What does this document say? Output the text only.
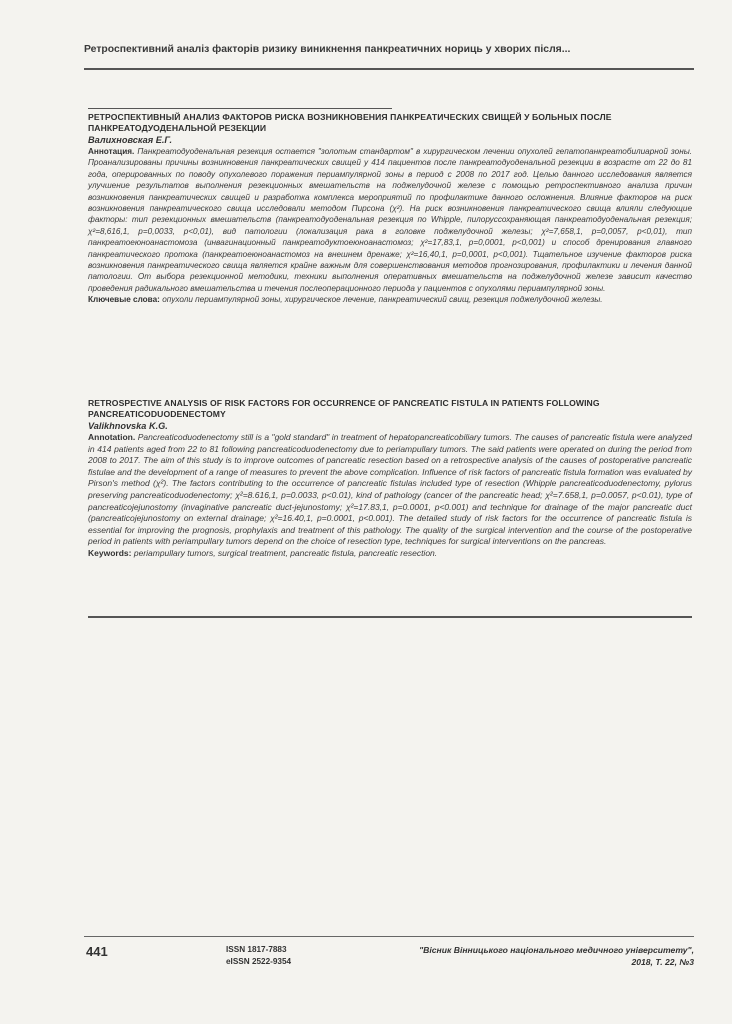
Ретроспективний аналіз факторів ризику виникнення панкреатичних нориць у хворих після...
РЕТРОСПЕКТИВНЫЙ АНАЛИЗ ФАКТОРОВ РИСКА ВОЗНИКНОВЕНИЯ ПАНКРЕАТИЧЕСКИХ СВИЩЕЙ У БОЛЬНЫХ ПОСЛЕ ПАНКРЕАТОДУОДЕНАЛЬНОЙ РЕЗЕКЦИИ
Валихновская Е.Г.
Аннотация. Панкреатодуоденальная резекция остается "золотым стандартом" в хирургическом лечении опухолей гепатопанкреатобилиарной зоны. Проанализированы причины возникновения панкреатических свищей у 414 пациентов после панкреатодуоденальной резекции в возрасте от 22 до 81 года, оперированных по поводу опухолевого поражения периампулярной зоны в период с 2008 по 2017 год. Целью данного исследования является улучшение результатов выполнения резекционных вмешательств на поджелудочной железе с помощью ретроспективного анализа причин возникновения панкреатических свищей и разработка комплекса мероприятий по профилактике данного осложнения. Влияние факторов на риск возникновения панкреатического свища исследовали методом Пирсона (χ²). На риск возникновения панкреатического свища влияли следующие факторы: тип резекционных вмешательств (панкреатодуоденальная резекция по Whipple, пилоруссохраняющая панкреатодуоденальная резекция; χ²=8,616,1, p=0,0033, p<0,01), вид патологии (локализация рака в головке поджелудочной железы; χ²=7,658,1, p=0,0057, p<0,01), тип панкреатоеюноанастомоза (инвагинационный панкреатодуктоеюноанастомоз; χ²=17,83,1, p=0,0001, p<0,001) и способ дренирования главного панкреатического протока (панкреатоеюноанастомоз на внешнем дренаже; χ²=16,40,1, p=0,0001, p<0,001). Тщательное изучение факторов риска возникновения панкреатического свища является крайне важным для совершенствования методов прогнозирования, профилактики и лечения данной патологии. От выбора резекционной методики, техники выполнения оперативных вмешательств на поджелудочной железе зависит качество проведения радикального вмешательства и течения послеоперационного периода у пациентов с опухолями периампулярной зоны.
Ключевые слова: опухоли периампулярной зоны, хирургическое лечение, панкреатический свищ, резекция поджелудочной железы.
RETROSPECTIVE ANALYSIS OF RISK FACTORS FOR OCCURRENCE OF PANCREATIC FISTULA IN PATIENTS FOLLOWING PANCREATICODUODENECTOMY
Valikhnovska K.G.
Annotation. Pancreaticoduodenectomy still is a "gold standard" in treatment of hepatopancreaticobiliary tumors. The causes of pancreatic fistula were analyzed in 414 patients aged from 22 to 81 following pancreaticoduodenectomy due to periampullary tumors. The said patients were operated on during the period from 2008 to 2017. The aim of this study is to improve outcomes of pancreatic resection based on a retrospective analysis of the causes of postoperative pancreatic fistulae and the development of a range of measures to prevent the above complication. Influence of risk factors of pancreatic fistula formation was evaluated by Pirson's method (χ²). The factors contributing to the occurrence of pancreatic fistulas included type of resection (Whipple pancreaticoduodenectomy, pylorus preserving pancreaticoduodenectomy; χ²=8.616,1, p=0.0033, p<0.01), kind of pathology (cancer of the pancreatic head; χ²=7.658,1, p=0.0057, p<0.01), type of pancreaticojejunostomy (invaginative pancreatic duct-jejunostomy; χ²=17.83,1, p=0.0001, p<0.001) and technique for drainage of the major pancreatic duct (pancreaticojejunostomy on external drainage; χ²=16.40,1, p=0.0001, p<0.001). The detailed study of risk factors for the occurrence of pancreatic fistula is essential for improving the prognosis, prophylaxis and treatment of this pathology. The quality of the surgical intervention and the course of the postoperative period in patients with periampullary tumors depend on the choice of resection type, techniques for surgical interventions on the pancreas.
Keywords: periampullary tumors, surgical treatment, pancreatic fistula, pancreatic resection.
441	ISSN 1817-7883
eISSN 2522-9354
"Вісник Вінницького національного медичного університету",
2018, Т. 22, №3
